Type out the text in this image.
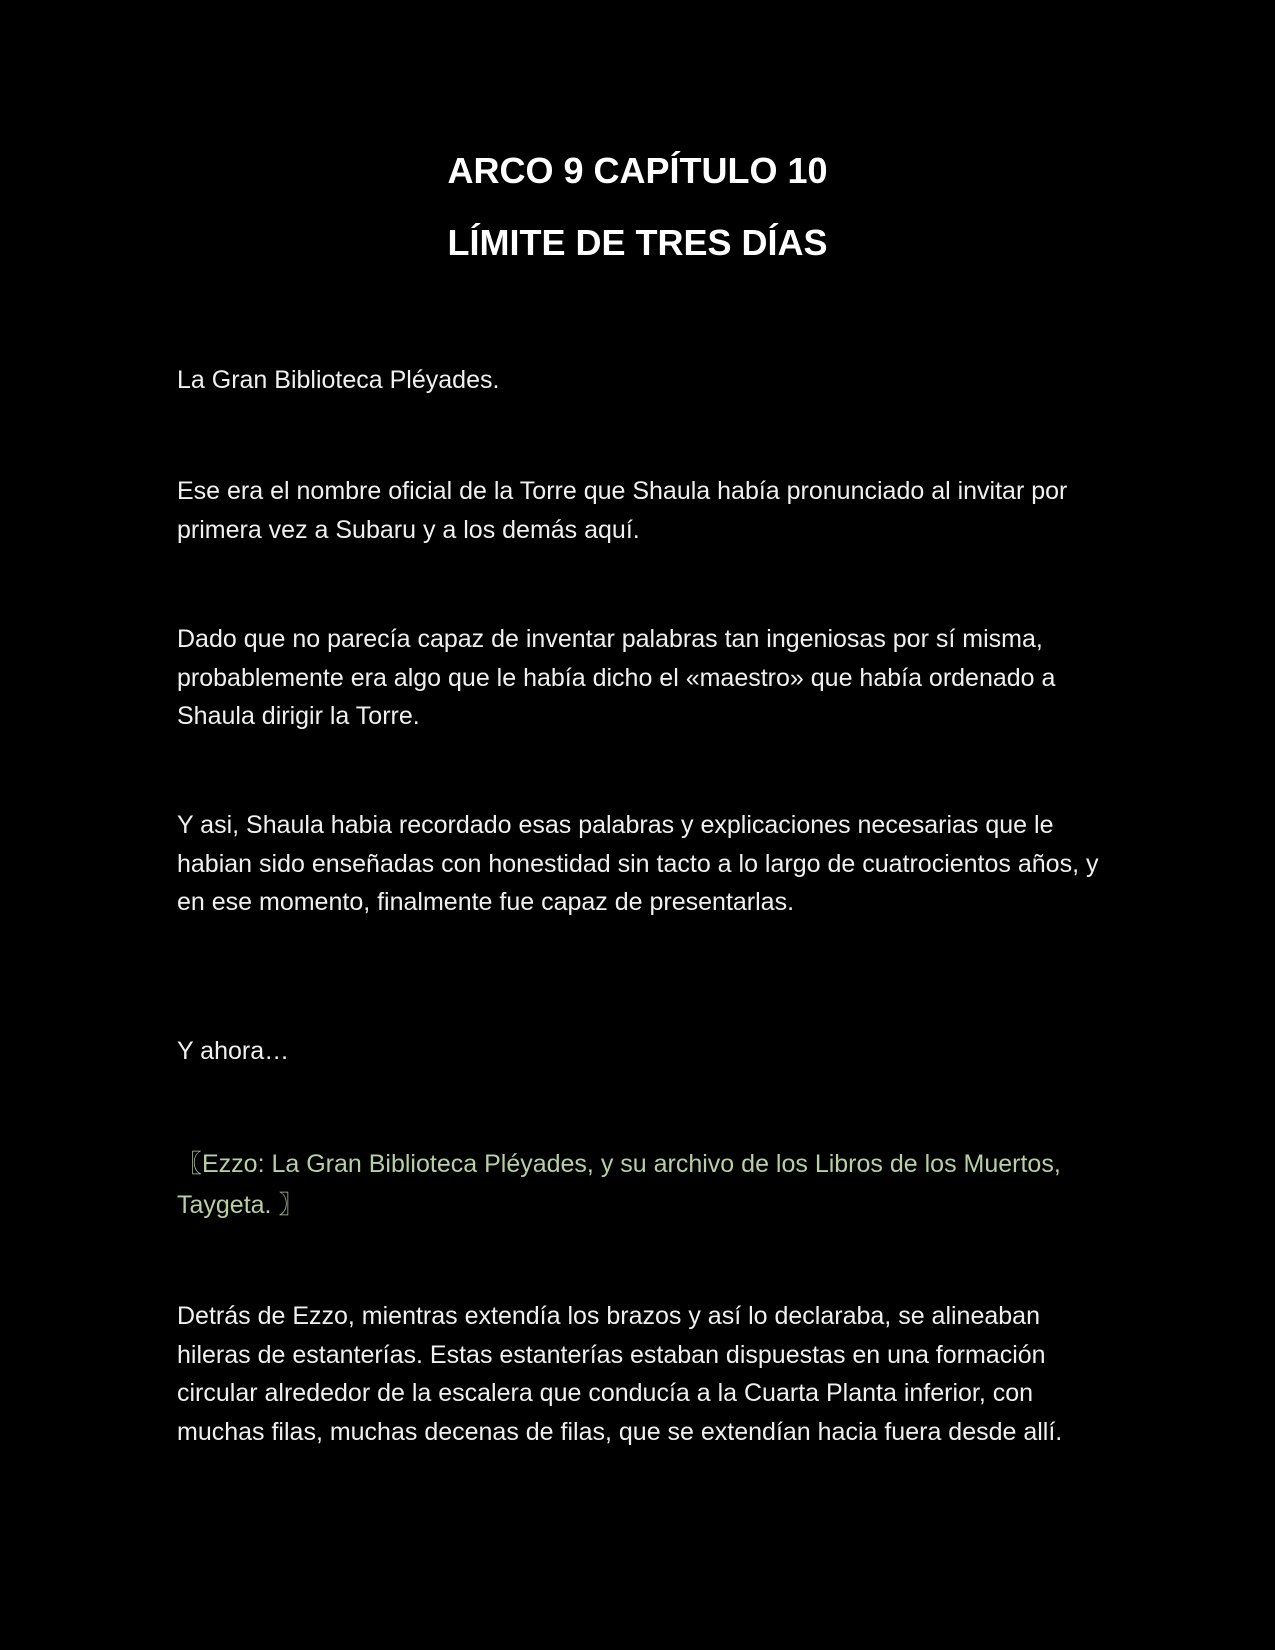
ARCO 9 CAPÍTULO 10
LÍMITE DE TRES DÍAS
La Gran Biblioteca Pléyades.
Ese era el nombre oficial de la Torre que Shaula había pronunciado al invitar por primera vez a Subaru y a los demás aquí.
Dado que no parecía capaz de inventar palabras tan ingeniosas por sí misma, probablemente era algo que le había dicho el «maestro» que había ordenado a Shaula dirigir la Torre.
Y asi, Shaula habia recordado esas palabras y explicaciones necesarias que le habian sido enseñadas con honestidad sin tacto a lo largo de cuatrocientos años, y en ese momento, finalmente fue capaz de presentarlas.
Y ahora…
〖Ezzo: La Gran Biblioteca Pléyades, y su archivo de los Libros de los Muertos, Taygeta. 〗
Detrás de Ezzo, mientras extendía los brazos y así lo declaraba, se alineaban hileras de estanterías. Estas estanterías estaban dispuestas en una formación circular alrededor de la escalera que conducía a la Cuarta Planta inferior, con muchas filas, muchas decenas de filas, que se extendían hacia fuera desde allí.
